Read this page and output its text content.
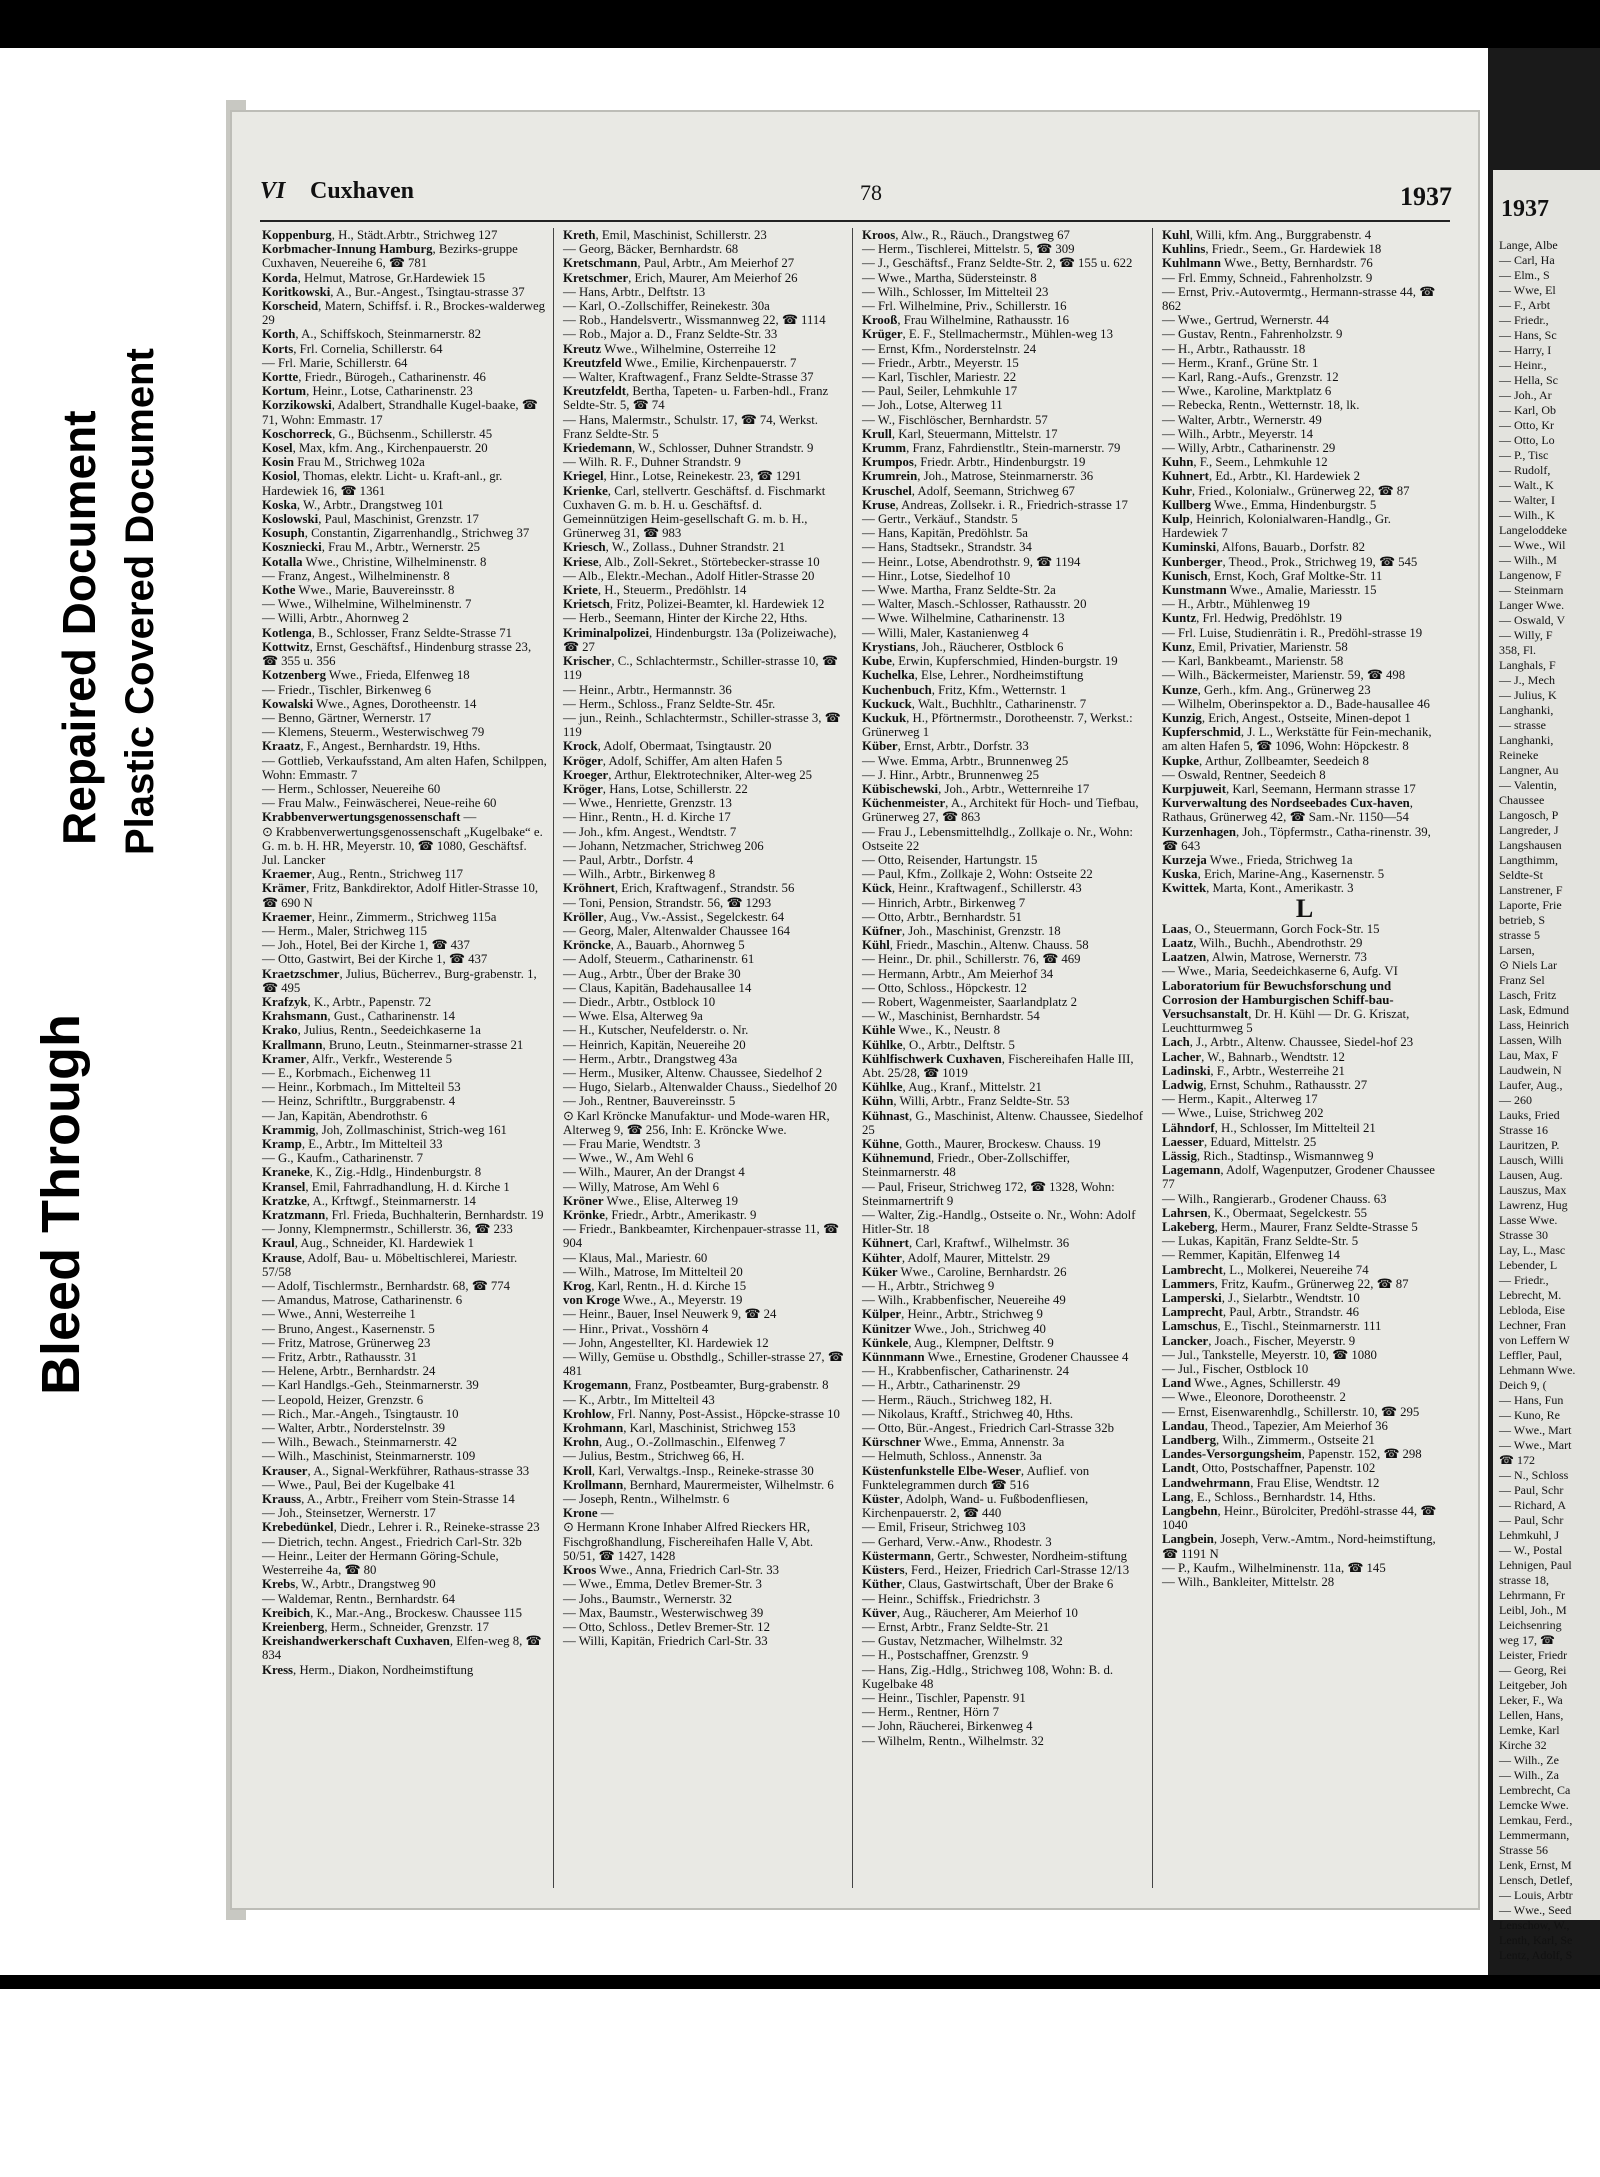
Bleed Through
Repaired Document Plastic Covered Document
VI Cuxhaven	78	1937

Koppenburg, H., Städt.Arbtr., Strichweg 127

Korbmacher-Innung Hamburg, Bezirks-gruppe Cuxhaven, Neuereihe 6, ☎ 781

Korda, Helmut, Matrose, Gr.Hardewiek 15

Koritkowski, A., Bur.-Angest., Tsingtau-strasse 37

Korscheid, Matern, Schiffsf. i. R., Brockes-walderweg 29

Korth, A., Schiffskoch, Steinmarnerstr. 82

Korts, Frl. Cornelia, Schillerstr. 64

— Frl. Marie, Schillerstr. 64

Kortte, Friedr., Bürogeh., Catharinenstr. 46

Kortum, Heinr., Lotse, Catharinenstr. 23

Korzikowski, Adalbert, Strandhalle Kugel-baake, ☎ 71, Wohn: Emmastr. 17

Koschorreck, G., Büchsenm., Schillerstr. 45

Kosel, Max, kfm. Ang., Kirchenpauerstr. 20

Kosin Frau M., Strichweg 102a

Kosiol, Thomas, elektr. Licht- u. Kraft-anl., gr. Hardewiek 16, ☎ 1361

Koska, W., Arbtr., Drangstweg 101

Koslowski, Paul, Maschinist, Grenzstr. 17

Kosuph, Constantin, Zigarrenhandlg., Strichweg 37

Koszniecki, Frau M., Arbtr., Wernerstr. 25

Kotalla Wwe., Christine, Wilhelminenstr. 8

— Franz, Angest., Wilhelminenstr. 8

Kothe Wwe., Marie, Bauvereinsstr. 8

— Wwe., Wilhelmine, Wilhelminenstr. 7

— Willi, Arbtr., Ahornweg 2

Kotlenga, B., Schlosser, Franz Seldte-Strasse 71

Kottwitz, Ernst, Geschäftsf., Hindenburg strasse 23, ☎ 355 u. 356

Kotzenberg Wwe., Frieda, Elfenweg 18

— Friedr., Tischler, Birkenweg 6

Kowalski Wwe., Agnes, Dorotheenstr. 14

— Benno, Gärtner, Wernerstr. 17

— Klemens, Steuerm., Westerwischweg 79

Kraatz, F., Angest., Bernhardstr. 19, Hths.

— Gottlieb, Verkaufsstand, Am alten Hafen, Schilppen, Wohn: Emmastr. 7

— Herm., Schlosser, Neuereihe 60

— Frau Malw., Feinwäscherei, Neue-reihe 60

Krabbenverwertungsgenossenschaft —

⊙ Krabbenverwertungsgenossenschaft „Kugelbake“ e. G. m. b. H. HR, Meyerstr. 10, ☎ 1080, Geschäftsf. Jul. Lancker

Kraemer, Aug., Rentn., Strichweg 117

Krämer, Fritz, Bankdirektor, Adolf Hitler-Strasse 10, ☎ 690 N

Kraemer, Heinr., Zimmerm., Strichweg 115a

— Herm., Maler, Strichweg 115

— Joh., Hotel, Bei der Kirche 1, ☎ 437

— Otto, Gastwirt, Bei der Kirche 1, ☎ 437

Kraetzschmer, Julius, Bücherrev., Burg-grabenstr. 1, ☎ 495

Krafzyk, K., Arbtr., Papenstr. 72

Krahsmann, Gust., Catharinenstr. 14

Krako, Julius, Rentn., Seedeichkaserne 1a

Krallmann, Bruno, Leutn., Steinmarner-strasse 21

Kramer, Alfr., Verkfr., Westerende 5

— E., Korbmach., Eichenweg 11

— Heinr., Korbmach., Im Mittelteil 53

— Heinz, Schriftltr., Burggrabenstr. 4

— Jan, Kapitän, Abendrothstr. 6

Krammig, Joh, Zollmaschinist, Strich-weg 161

Kramp, E., Arbtr., Im Mittelteil 33

— G., Kaufm., Catharinenstr. 7

Kraneke, K., Zig.-Hdlg., Hindenburgstr. 8

Kransel, Emil, Fahrradhandlung, H. d. Kirche 1

Kratzke, A., Krftwgf., Steinmarnerstr. 14

Kratzmann, Frl. Frieda, Buchhalterin, Bernhardstr. 19

— Jonny, Klempnermstr., Schillerstr. 36, ☎ 233

Kraul, Aug., Schneider, Kl. Hardewiek 1

Krause, Adolf, Bau- u. Möbeltischlerei, Mariestr. 57/58

— Adolf, Tischlermstr., Bernhardstr. 68, ☎ 774

— Amandus, Matrose, Catharinenstr. 6

— Wwe., Anni, Westerreihe 1

— Bruno, Angest., Kasernenstr. 5

— Fritz, Matrose, Grünerweg 23

— Fritz, Arbtr., Rathausstr. 31

— Helene, Arbtr., Bernhardstr. 24

— Karl Handlgs.-Geh., Steinmarnerstr. 39

— Leopold, Heizer, Grenzstr. 6

— Rich., Mar.-Angeh., Tsingtaustr. 10

— Walter, Arbtr., Norderstelnstr. 39

— Wilh., Bewach., Steinmarnerstr. 42

— Wilh., Maschinist, Steinmarnerstr. 109

Krauser, A., Signal-Werkführer, Rathaus-strasse 33

— Wwe., Paul, Bei der Kugelbake 41

Krauss, A., Arbtr., Freiherr vom Stein-Strasse 14

— Joh., Steinsetzer, Wernerstr. 17

Krebedünkel, Diedr., Lehrer i. R., Reineke-strasse 23

— Dietrich, techn. Angest., Friedrich Carl-Str. 32b

— Heinr., Leiter der Hermann Göring-Schule, Westerreihe 4a, ☎ 80

Krebs, W., Arbtr., Drangstweg 90

— Waldemar, Rentn., Bernhardstr. 64

Kreibich, K., Mar.-Ang., Brockesw. Chaussee 115

Kreienberg, Herm., Schneider, Grenzstr. 17

Kreishandwerkerschaft Cuxhaven, Elfen-weg 8, ☎ 834

Kress, Herm., Diakon, Nordheimstiftung

Kreth, Emil, Maschinist, Schillerstr. 23

— Georg, Bäcker, Bernhardstr. 68

Kretschmann, Paul, Arbtr., Am Meierhof 27

Kretschmer, Erich, Maurer, Am Meierhof 26

— Hans, Arbtr., Delftstr. 13

— Karl, O.-Zollschiffer, Reinekestr. 30a

— Rob., Handelsvertr., Wissmannweg 22, ☎ 1114

— Rob., Major a. D., Franz Seldte-Str. 33

Kreutz Wwe., Wilhelmine, Osterreihe 12

Kreutzfeld Wwe., Emilie, Kirchenpauerstr. 7

— Walter, Kraftwagenf., Franz Seldte-Strasse 37

Kreutzfeldt, Bertha, Tapeten- u. Farben-hdl., Franz Seldte-Str. 5, ☎ 74

— Hans, Malermstr., Schulstr. 17, ☎ 74, Werkst. Franz Seldte-Str. 5

Kriedemann, W., Schlosser, Duhner Strandstr. 9

— Wilh. R. F., Duhner Strandstr. 9

Kriegel, Hinr., Lotse, Reinekestr. 23, ☎ 1291

Krienke, Carl, stellvertr. Geschäftsf. d. Fischmarkt Cuxhaven G. m. b. H. u. Geschäftsf. d. Gemeinnützigen Heim-gesellschaft G. m. b. H., Grünerweg 31, ☎ 983

Kriesch, W., Zollass., Duhner Strandstr. 21

Kriese, Alb., Zoll-Sekret., Störtebecker-strasse 10

— Alb., Elektr.-Mechan., Adolf Hitler-Strasse 20

Kriete, H., Steuerm., Predöhlstr. 14

Krietsch, Fritz, Polizei-Beamter, kl. Hardewiek 12

— Herb., Seemann, Hinter der Kirche 22, Hths.

Kriminalpolizei, Hindenburgstr. 13a (Polizeiwache), ☎ 27

Krischer, C., Schlachtermstr., Schiller-strasse 10, ☎ 119

— Heinr., Arbtr., Hermannstr. 36

— Herm., Schloss., Franz Seldte-Str. 45r.

— jun., Reinh., Schlachtermstr., Schiller-strasse 3, ☎ 119

Krock, Adolf, Obermaat, Tsingtaustr. 20

Kröger, Adolf, Schiffer, Am alten Hafen 5

Kroeger, Arthur, Elektrotechniker, Alter-weg 25

Kröger, Hans, Lotse, Schillerstr. 22

— Wwe., Henriette, Grenzstr. 13

— Hinr., Rentn., H. d. Kirche 17

— Joh., kfm. Angest., Wendtstr. 7

— Johann, Netzmacher, Strichweg 206

— Paul, Arbtr., Dorfstr. 4

— Wilh., Arbtr., Birkenweg 8

Kröhnert, Erich, Kraftwagenf., Strandstr. 56

— Toni, Pension, Strandstr. 56, ☎ 1293

Kröller, Aug., Vw.-Assist., Segelckestr. 64

— Georg, Maler, Altenwalder Chaussee 164

Kröncke, A., Bauarb., Ahornweg 5

— Adolf, Steuerm., Catharinenstr. 61

— Aug., Arbtr., Über der Brake 30

— Claus, Kapitän, Badehausallee 14

— Diedr., Arbtr., Ostblock 10

— Wwe. Elsa, Alterweg 9a

— H., Kutscher, Neufelderstr. o. Nr.

— Heinrich, Kapitän, Neuereihe 20

— Herm., Arbtr., Drangstweg 43a

— Herm., Musiker, Altenw. Chaussee, Siedelhof 2

— Hugo, Sielarb., Altenwalder Chauss., Siedelhof 20

— Joh., Rentner, Bauvereinsstr. 5

⊙ Karl Kröncke Manufaktur- und Mode-waren HR, Alterweg 9, ☎ 256, Inh: E. Kröncke Wwe.

— Frau Marie, Wendtstr. 3

— Wwe., W., Am Wehl 6

— Wilh., Maurer, An der Drangst 4

— Willy, Matrose, Am Wehl 6

Kröner Wwe., Elise, Alterweg 19

Krönke, Friedr., Arbtr., Amerikastr. 9

— Friedr., Bankbeamter, Kirchenpauer-strasse 11, ☎ 904

— Klaus, Mal., Mariestr. 60

— Wilh., Matrose, Im Mittelteil 20

Krog, Karl, Rentn., H. d. Kirche 15

von Kroge Wwe., A., Meyerstr. 19

— Heinr., Bauer, Insel Neuwerk 9, ☎ 24

— Hinr., Privat., Vosshörn 4

— John, Angestellter, Kl. Hardewiek 12

— Willy, Gemüse u. Obsthdlg., Schiller-strasse 27, ☎ 481

Krogemann, Franz, Postbeamter, Burg-grabenstr. 8

— K., Arbtr., Im Mittelteil 43

Krohlow, Frl. Nanny, Post-Assist., Höpcke-strasse 10

Krohmann, Karl, Maschinist, Strichweg 153

Krohn, Aug., O.-Zollmaschin., Elfenweg 7

— Julius, Bestm., Strichweg 66, H.

Kroll, Karl, Verwaltgs.-Insp., Reineke-strasse 30

Krollmann, Bernhard, Maurermeister, Wilhelmstr. 6

— Joseph, Rentn., Wilhelmstr. 6

Krone —

⊙ Hermann Krone Inhaber Alfred Rieckers HR, Fischgroßhandlung, Fischereihafen Halle V, Abt. 50/51, ☎ 1427, 1428

Kroos Wwe., Anna, Friedrich Carl-Str. 33

— Wwe., Emma, Detlev Bremer-Str. 3

— Johs., Baumstr., Wernerstr. 32

— Max, Baumstr., Westerwischweg 39

— Otto, Schloss., Detlev Bremer-Str. 12

— Willi, Kapitän, Friedrich Carl-Str. 33

Kroos, Alw., R., Räuch., Drangstweg 67

— Herm., Tischlerei, Mittelstr. 5, ☎ 309

— J., Geschäftsf., Franz Seldte-Str. 2, ☎ 155 u. 622

— Wwe., Martha, Südersteinstr. 8

— Wilh., Schlosser, Im Mittelteil 23

— Frl. Wilhelmine, Priv., Schillerstr. 16

Krooß, Frau Wilhelmine, Rathausstr. 16

Krüger, E. F., Stellmachermstr., Mühlen-weg 13

— Ernst, Kfm., Norderstelnstr. 24

— Friedr., Arbtr., Meyerstr. 15

— Karl, Tischler, Mariestr. 22

— Paul, Seiler, Lehmkuhle 17

— Joh., Lotse, Alterweg 11

— W., Fischlöscher, Bernhardstr. 57

Krull, Karl, Steuermann, Mittelstr. 17

Krumm, Franz, Fahrdienstltr., Stein-marnerstr. 79

Krumpos, Friedr. Arbtr., Hindenburgstr. 19

Krumrein, Joh., Matrose, Steinmarnerstr. 36

Kruschel, Adolf, Seemann, Strichweg 67

Kruse, Andreas, Zollsekr. i. R., Friedrich-strasse 17

— Gertr., Verkäuf., Standstr. 5

— Hans, Kapitän, Predöhlstr. 5a

— Hans, Stadtsekr., Strandstr. 34

— Heinr., Lotse, Abendrothstr. 9, ☎ 1194

— Hinr., Lotse, Siedelhof 10

— Wwe. Martha, Franz Seldte-Str. 2a

— Walter, Masch.-Schlosser, Rathausstr. 20

— Wwe. Wilhelmine, Catharinenstr. 13

— Willi, Maler, Kastanienweg 4

Krystians, Joh., Räucherer, Ostblock 6

Kube, Erwin, Kupferschmied, Hinden-burgstr. 19

Kuchelka, Else, Lehrer., Nordheimstiftung

Kuchenbuch, Fritz, Kfm., Wetternstr. 1

Kuckuck, Walt., Buchhltr., Catharinenstr. 7

Kuckuk, H., Pförtnermstr., Dorotheenstr. 7, Werkst.: Grünerweg 1

Küber, Ernst, Arbtr., Dorfstr. 33

— Wwe. Emma, Arbtr., Brunnenweg 25

— J. Hinr., Arbtr., Brunnenweg 25

Kübischewski, Joh., Arbtr., Wetternreihe 17

Küchenmeister, A., Architekt für Hoch- und Tiefbau, Grünerweg 27, ☎ 863

— Frau J., Lebensmittelhdlg., Zollkaje o. Nr., Wohn: Ostseite 22

— Otto, Reisender, Hartungstr. 15

— Paul, Kfm., Zollkaje 2, Wohn: Ostseite 22

Kück, Heinr., Kraftwagenf., Schillerstr. 43

— Hinrich, Arbtr., Birkenweg 7

— Otto, Arbtr., Bernhardstr. 51

Küfner, Joh., Maschinist, Grenzstr. 18

Kühl, Friedr., Maschin., Altenw. Chauss. 58

— Heinr., Dr. phil., Schillerstr. 76, ☎ 469

— Hermann, Arbtr., Am Meierhof 34

— Otto, Schloss., Höpckestr. 12

— Robert, Wagenmeister, Saarlandplatz 2

— W., Maschinist, Bernhardstr. 54

Kühle Wwe., K., Neustr. 8

Kühlke, O., Arbtr., Delftstr. 5

Kühlfischwerk Cuxhaven, Fischereihafen Halle III, Abt. 25/28, ☎ 1019

Kühlke, Aug., Kranf., Mittelstr. 21

Kühn, Willi, Arbtr., Franz Seldte-Str. 53

Kühnast, G., Maschinist, Altenw. Chaussee, Siedelhof 25

Kühne, Gotth., Maurer, Brockesw. Chauss. 19

Kühnemund, Friedr., Ober-Zollschiffer, Steinmarnerstr. 48

— Paul, Friseur, Strichweg 172, ☎ 1328, Wohn: Steinmarnertrift 9

— Walter, Zig.-Handlg., Ostseite o. Nr., Wohn: Adolf Hitler-Str. 18

Kühnert, Carl, Kraftwf., Wilhelmstr. 36

Kühter, Adolf, Maurer, Mittelstr. 29

Küker Wwe., Caroline, Bernhardstr. 26

— H., Arbtr., Strichweg 9

— Wilh., Krabbenfischer, Neuereihe 49

Külper, Heinr., Arbtr., Strichweg 9

Künitzer Wwe., Joh., Strichweg 40

Künkele, Aug., Klempner, Delftstr. 9

Künnmann Wwe., Ernestine, Grodener Chaussee 4

— H., Krabbenfischer, Catharinenstr. 24

— H., Arbtr., Catharinenstr. 29

— Herm., Räuch., Strichweg 182, H.

— Nikolaus, Kraftf., Strichweg 40, Hths.

— Otto, Bür.-Angest., Friedrich Carl-Strasse 32b

Kürschner Wwe., Emma, Annenstr. 3a

— Helmuth, Schloss., Annenstr. 3a

Küstenfunkstelle Elbe-Weser, Auflief. von Funktelegrammen durch ☎ 516

Küster, Adolph, Wand- u. Fußbodenfliesen, Kirchenpauerstr. 2, ☎ 440

— Emil, Friseur, Strichweg 103

— Gerhard, Verw.-Anw., Rhodestr. 3

Küstermann, Gertr., Schwester, Nordheim-stiftung

Küsters, Ferd., Heizer, Friedrich Carl-Strasse 12/13

Küther, Claus, Gastwirtschaft, Über der Brake 6

— Heinr., Schiffsk., Friedrichstr. 3

Küver, Aug., Räucherer, Am Meierhof 10

— Ernst, Arbtr., Franz Seldte-Str. 21

— Gustav, Netzmacher, Wilhelmstr. 32

— H., Postschaffner, Grenzstr. 9

— Hans, Zig.-Hdlg., Strichweg 108, Wohn: B. d. Kugelbake 48

— Heinr., Tischler, Papenstr. 91

— Herm., Rentner, Hörn 7

— John, Räucherei, Birkenweg 4

— Wilhelm, Rentn., Wilhelmstr. 32

Kuhl, Willi, kfm. Ang., Burggrabenstr. 4

Kuhlins, Friedr., Seem., Gr. Hardewiek 18

Kuhlmann Wwe., Betty, Bernhardstr. 76

— Frl. Emmy, Schneid., Fahrenholzstr. 9

— Ernst, Priv.-Autovermtg., Hermann-strasse 44, ☎ 862

— Wwe., Gertrud, Wernerstr. 44

— Gustav, Rentn., Fahrenholzstr. 9

— H., Arbtr., Rathausstr. 18

— Herm., Kranf., Grüne Str. 1

— Karl, Rang.-Aufs., Grenzstr. 12

— Wwe., Karoline, Marktplatz 6

— Rebecka, Rentn., Wetternstr. 18, lk.

— Walter, Arbtr., Wernerstr. 49

— Wilh., Arbtr., Meyerstr. 14

— Willy, Arbtr., Catharinenstr. 29

Kuhn, F., Seem., Lehmkuhle 12

Kuhnert, Ed., Arbtr., Kl. Hardewiek 2

Kuhr, Fried., Kolonialw., Grünerweg 22, ☎ 87

Kullberg Wwe., Emma, Hindenburgstr. 5

Kulp, Heinrich, Kolonialwaren-Handlg., Gr. Hardewiek 7

Kuminski, Alfons, Bauarb., Dorfstr. 82

Kunberger, Theod., Prok., Strichweg 19, ☎ 545

Kunisch, Ernst, Koch, Graf Moltke-Str. 11

Kunstmann Wwe., Amalie, Mariesstr. 15

— H., Arbtr., Mühlenweg 19

Kuntz, Frl. Hedwig, Predöhlstr. 19

— Frl. Luise, Studienrätin i. R., Predöhl-strasse 19

Kunz, Emil, Privatier, Marienstr. 58

— Karl, Bankbeamt., Marienstr. 58

— Wilh., Bäckermeister, Marienstr. 59, ☎ 498

Kunze, Gerh., kfm. Ang., Grünerweg 23

— Wilhelm, Oberinspektor a. D., Bade-hausallee 46

Kunzig, Erich, Angest., Ostseite, Minen-depot 1

Kupferschmid, J. L., Werkstätte für Fein-mechanik, am alten Hafen 5, ☎ 1096, Wohn: Höpckestr. 8

Kupke, Arthur, Zollbeamter, Seedeich 8

— Oswald, Rentner, Seedeich 8

Kurpjuweit, Karl, Seemann, Hermann strasse 17

Kurverwaltung des Nordseebades Cux-haven, Rathaus, Grünerweg 42, ☎ Sam.-Nr. 1150—54

Kurzenhagen, Joh., Töpfermstr., Catha-rinenstr. 39, ☎ 643

Kurzeja Wwe., Frieda, Strichweg 1a

Kuska, Erich, Marine-Ang., Kasernenstr. 5

Kwittek, Marta, Kont., Amerikastr. 3

L

Laas, O., Steuermann, Gorch Fock-Str. 15

Laatz, Wilh., Buchh., Abendrothstr. 29

Laatzen, Alwin, Matrose, Wernerstr. 73

— Wwe., Maria, Seedeichkaserne 6, Aufg. VI

Laboratorium für Bewuchsforschung und Corrosion der Hamburgischen Schiff-bau-Versuchsanstalt, Dr. H. Kühl — Dr. G. Kriszat, Leuchtturmweg 5

Lach, J., Arbtr., Altenw. Chaussee, Siedel-hof 23

Lacher, W., Bahnarb., Wendtstr. 12

Ladinski, F., Arbtr., Westerreihe 21

Ladwig, Ernst, Schuhm., Rathausstr. 27

— Herm., Kapit., Alterweg 17

— Wwe., Luise, Strichweg 202

Lähndorf, H., Schlosser, Im Mittelteil 21

Laesser, Eduard, Mittelstr. 25

Lässig, Rich., Stadtinsp., Wismannweg 9

Lagemann, Adolf, Wagenputzer, Grodener Chaussee 77

— Wilh., Rangierarb., Grodener Chauss. 63

Lahrsen, K., Obermaat, Segelckestr. 55

Lakeberg, Herm., Maurer, Franz Seldte-Strasse 5

— Lukas, Kapitän, Franz Seldte-Str. 5

— Remmer, Kapitän, Elfenweg 14

Lambrecht, L., Molkerei, Neuereihe 74

Lammers, Fritz, Kaufm., Grünerweg 22, ☎ 87

Lamperski, J., Sielarbtr., Wendtstr. 10

Lamprecht, Paul, Arbtr., Strandstr. 46

Lamschus, E., Tischl., Steinmarnerstr. 111

Lancker, Joach., Fischer, Meyerstr. 9

— Jul., Tankstelle, Meyerstr. 10, ☎ 1080

— Jul., Fischer, Ostblock 10

Land Wwe., Agnes, Schillerstr. 49

— Wwe., Eleonore, Dorotheenstr. 2

— Ernst, Eisenwarenhdlg., Schillerstr. 10, ☎ 295

Landau, Theod., Tapezier, Am Meierhof 36

Landberg, Wilh., Zimmerm., Ostseite 21

Landes-Versorgungsheim, Papenstr. 152, ☎ 298

Landt, Otto, Postschaffner, Papenstr. 102

Landwehrmann, Frau Elise, Wendtstr. 12

Lang, E., Schloss., Bernhardstr. 14, Hths.

Langbehn, Heinr., Bürolciter, Predöhl-strasse 44, ☎ 1040

Langbein, Joseph, Verw.-Amtm., Nord-heimstiftung, ☎ 1191 N

— P., Kaufm., Wilhelminenstr. 11a, ☎ 145

— Wilh., Bankleiter, Mittelstr. 28

1937
Lange, Albe
— Carl, Ha
— Elm., S
— Wwe, El
— F., Arbt
— Friedr.,
— Hans, Sc
— Harry, I
— Heinr.,
— Hella, Sc
— Joh., Ar
— Karl, Ob
— Otto, Kr
— Otto, Lo
— P., Tisc
— Rudolf,
— Walt., K
— Walter, I
— Wilh., K
Langeloddeke
— Wwe., Wil
— Wilh., M
Langenow, F
— Steinmarn
Langer Wwe.
— Oswald, V
— Willy, F
358, Fl.
Langhals, F
— J., Mech
— Julius, K
Langhanki,
— strasse
Langhanki,
Reineke
Langner, Au
— Valentin,
Chaussee
Langosch, P
Langreder, J
Langshausen
Langthimm,
Seldte-St
Lanstrener, F
Laporte, Frie
betrieb, S
strasse 5
Larsen,
⊙ Niels Lar
Franz Sel
Lasch, Fritz
Lask, Edmund
Lass, Heinrich
Lassen, Wilh
Lau, Max, F
Laudwein, N
Laufer, Aug.,
— 260
Lauks, Fried
Strasse 16
Lauritzen, P.
Lausch, Willi
Lausen, Aug.
Lauszus, Max
Lawrenz, Hug
Lasse Wwe.
Strasse 30
Lay, L., Masc
Lebender, L
— Friedr.,
Lebrecht, M.
Lebloda, Eise
Lechner, Fran
von Leffern W
Leffler, Paul,
Lehmann Wwe.
Deich 9, (
— Hans, Fun
— Kuno, Re
— Wwe., Mart
— Wwe., Mart
☎ 172
— N., Schloss
— Paul, Schr
— Richard, A
— Paul, Schr
Lehmkuhl, J
— W., Postal
Lehnigen, Paul
strasse 18,
Lehrmann, Fr
Leibl, Joh., M
Leichsenring
weg 17, ☎
Leister, Friedr
— Georg, Rei
Leitgeber, Joh
Leker, F., Wa
Lellen, Hans,
Lemke, Karl
Kirche 32
— Wilh., Ze
— Wilh., Za
Lembrecht, Ca
Lemcke Wwe.
Lemkau, Ferd.,
Lemmermann,
Strasse 56
Lenk, Ernst, M
Lensch, Detlef,
— Louis, Arbtr
— Wwe., Seed
Lenschow, W.,
Lenth, Karl, Se
Lentz, Adolf, S
